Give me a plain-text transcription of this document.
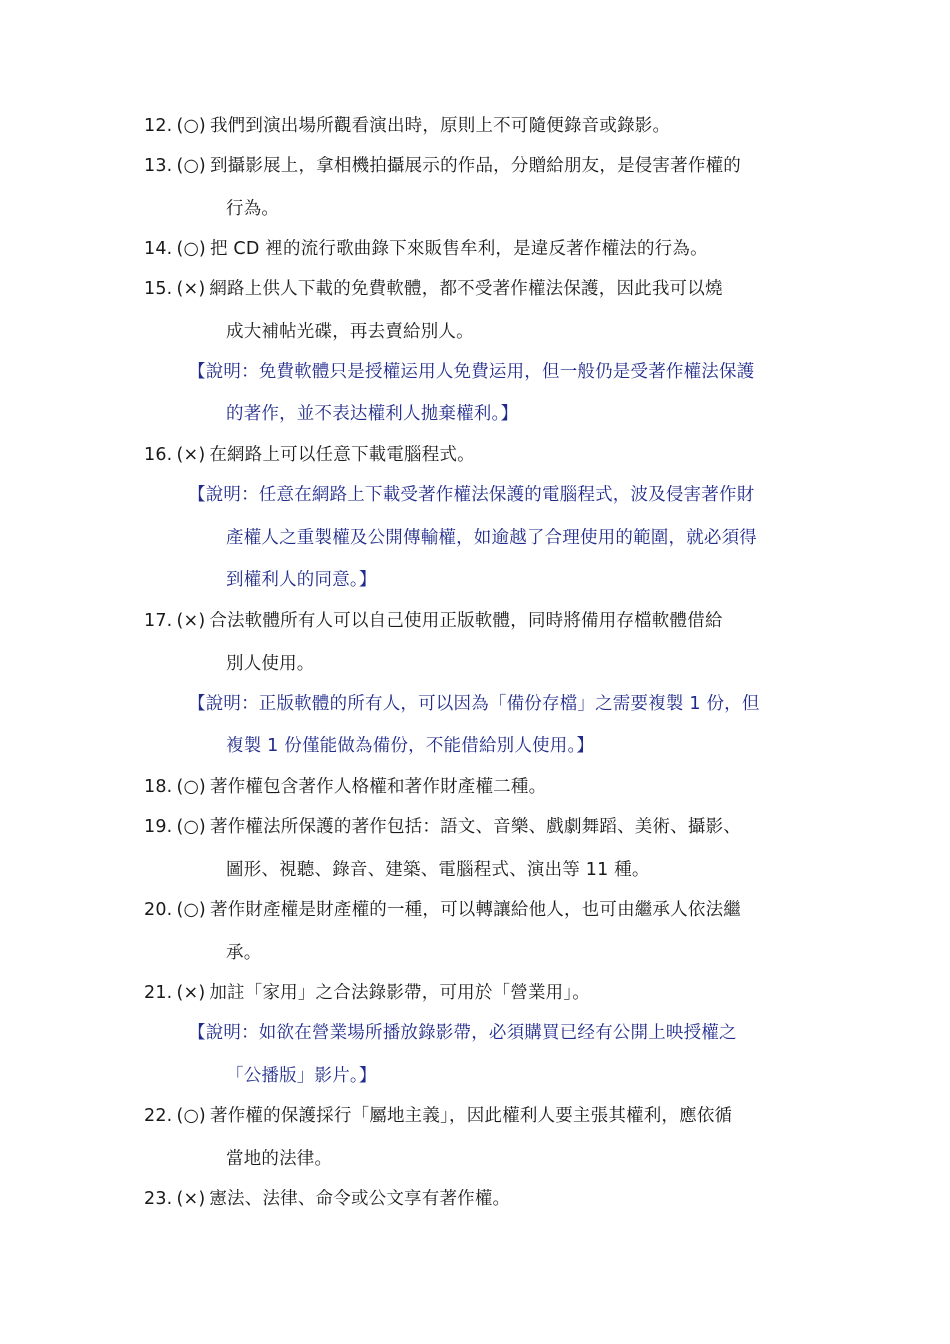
12. (○) 我們到演出場所觀看演出時，原則上不可隨便錄音或錄影。
13. (○) 到攝影展上，拿相機拍攝展示的作品，分贈給朋友，是侵害著作權的
行為。
14. (○) 把 CD 裡的流行歌曲錄下來販售牟利，是違反著作權法的行為。
15. (×) 網路上供人下載的免費軟體，都不受著作權法保護，因此我可以燒
成大補帖光碟，再去賣給別人。
【說明：免費軟體只是授權运用人免費运用，但一般仍是受著作權法保護
的著作，並不表达權利人拋棄權利。】
16. (×) 在網路上可以任意下載電腦程式。
【說明：任意在網路上下載受著作權法保護的電腦程式，波及侵害著作財
產權人之重製權及公開傳輸權，如逾越了合理使用的範圍，就必須得
到權利人的同意。】
17. (×) 合法軟體所有人可以自己使用正版軟體，同時將備用存檔軟體借給
別人使用。
【說明：正版軟體的所有人，可以因為「備份存檔」之需要複製 1 份，但
複製 1 份僅能做為備份，不能借給別人使用。】
18. (○) 著作權包含著作人格權和著作財產權二種。
19. (○) 著作權法所保護的著作包括：語文、音樂、戲劇舞蹈、美術、攝影、
圖形、視聽、錄音、建築、電腦程式、演出等 11 種。
20. (○) 著作財產權是財產權的一種，可以轉讓給他人，也可由繼承人依法繼
承。
21. (×) 加註「家用」之合法錄影帶，可用於「營業用」。
【說明：如欲在營業場所播放錄影帶，必須購買已经有公開上映授權之
「公播版」影片。】
22. (○) 著作權的保護採行「屬地主義」，因此權利人要主張其權利，應依循
當地的法律。
23. (×) 憲法、法律、命令或公文享有著作權。
